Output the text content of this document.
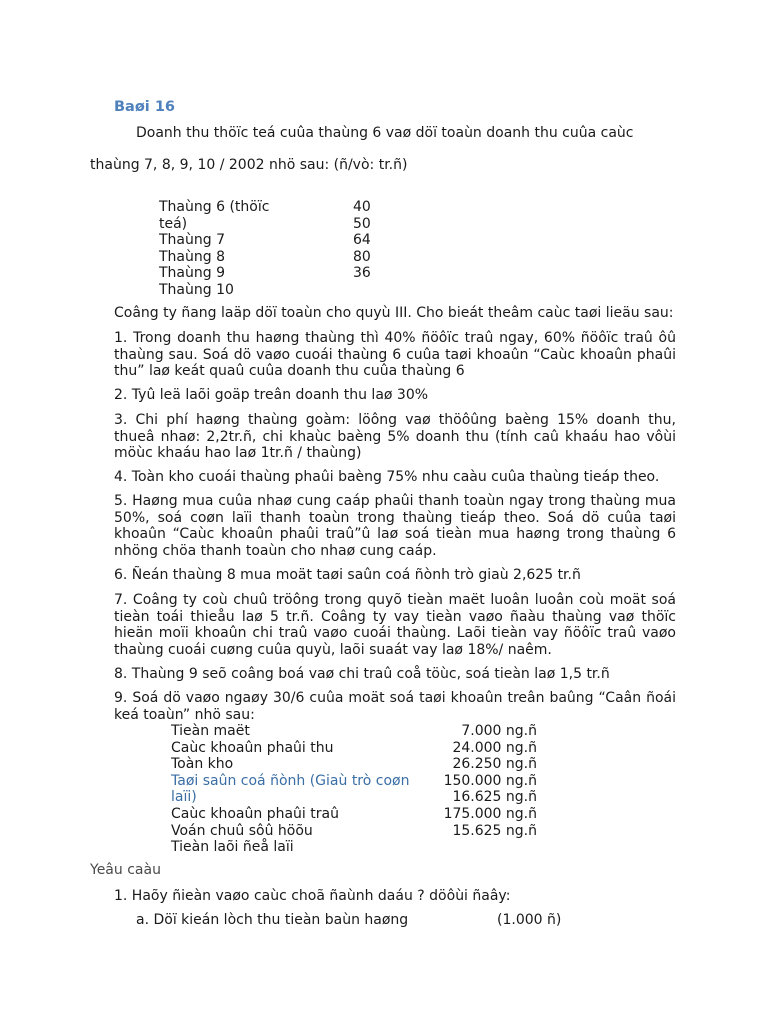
Baøi 16
Doanh thu thöïc teá cuûa thaùng 6 vaø döï toaùn doanh thu cuûa caùc
thaùng 7, 8, 9, 10 / 2002 nhö sau: (ñ/vò: tr.ñ)
Thaùng 6 (thöïc	40
teá)	50
Thaùng 7	64
Thaùng 8	80
Thaùng 9	36
Thaùng 10
Coâng ty ñang laäp döï toaùn cho quyù III. Cho bieát theâm caùc taøi lieäu sau:
1. Trong doanh thu haøng thaùng thì 40% ñöôïc traû ngay, 60% ñöôïc traû ôû thaùng sau. Soá dö vaøo cuoái thaùng 6 cuûa taøi khoaûn “Caùc khoaûn phaûi thu” laø keát quaû cuûa doanh thu cuûa thaùng 6
2. Tyû leä laõi goäp treân doanh thu laø 30%
3. Chi phí haøng thaùng goàm: löông vaø thöôûng baèng 15% doanh thu, thueâ nhaø: 2,2tr.ñ, chi khaùc baèng 5% doanh thu (tính caû khaáu hao vôùi möùc khaáu hao laø 1tr.ñ / thaùng)
4. Toàn kho cuoái thaùng phaûi baèng 75% nhu caàu cuûa thaùng tieáp theo.
5. Haøng mua cuûa nhaø cung caáp phaûi thanh toaùn ngay trong thaùng mua 50%, soá coøn laïi thanh toaùn trong thaùng tieáp theo. Soá dö cuûa taøi khoaûn “Caùc khoaûn phaûi traû”û laø soá tieàn mua haøng trong thaùng 6 nhöng chöa thanh toaùn cho nhaø cung caáp.
6. Ñeán thaùng 8 mua moät taøi saûn coá ñònh trò giaù 2,625 tr.ñ
7. Coâng ty coù chuû tröông trong quyõ tieàn maët luoân luoân coù moät soá tieàn toái thieåu laø 5 tr.ñ. Coâng ty vay tieàn vaøo ñaàu thaùng vaø thöïc hieän moïi khoaûn chi traû vaøo cuoái thaùng. Laõi tieàn vay ñöôïc traû vaøo thaùng cuoái cuøng cuûa quyù, laõi suaát vay laø 18%/ naêm.
8. Thaùng 9 seõ coâng boá vaø chi traû coå töùc, soá tieàn laø 1,5 tr.ñ
9. Soá dö vaøo ngaøy 30/6 cuûa moät soá taøi khoaûn treân baûng “Caân ñoái keá toaùn” nhö sau:
Tieàn maët	7.000 ng.ñ
Caùc khoaûn phaûi thu	24.000 ng.ñ
Toàn kho	26.250 ng.ñ
Taøi saûn coá ñònh (Giaù trò coøn	150.000 ng.ñ
laïi)	16.625 ng.ñ
Caùc khoaûn phaûi traû	175.000 ng.ñ
Voán chuû sôû höõu	15.625 ng.ñ
Tieàn laõi ñeå laïi
Yeâu caàu
1. Haõy ñieàn vaøo caùc choã ñaùnh daáu ? döôùi ñaây:
a. Döï kieán lòch thu tieàn baùn haøng	(1.000 ñ)
